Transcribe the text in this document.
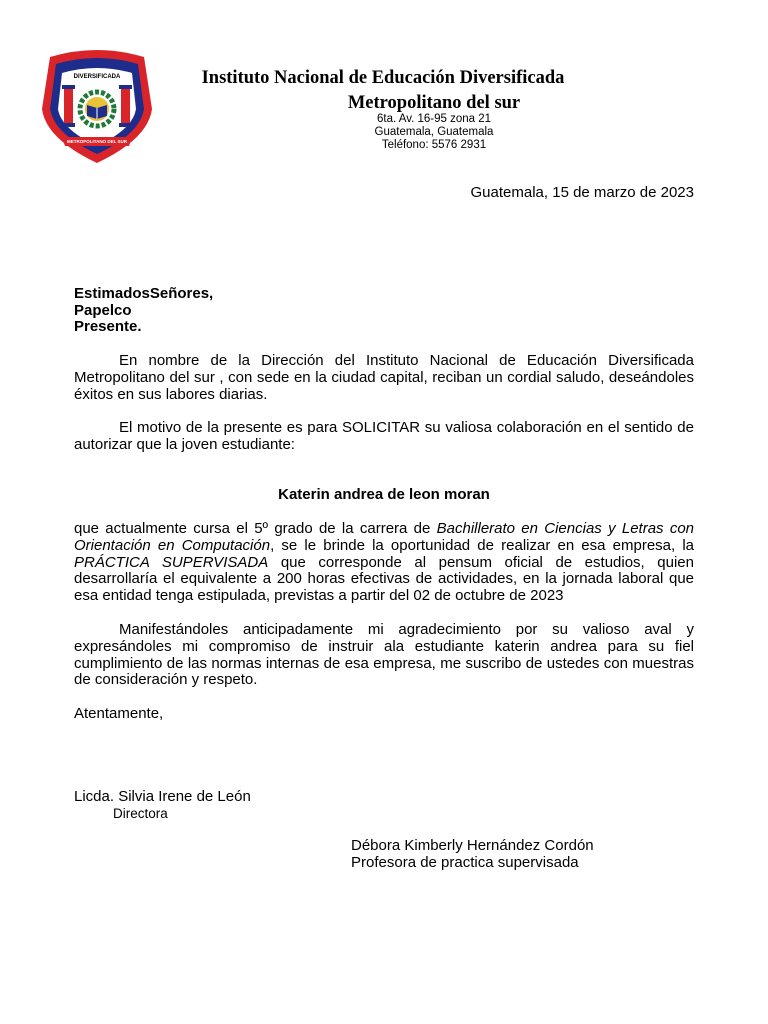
DIVERSIFICADA
METROPOLITANO DEL SUR
Instituto Nacional de Educación Diversificada
Metropolitano del sur
6ta. Av. 16-95 zona 21
Guatemala, Guatemala
Teléfono: 5576 2931
Guatemala, 15 de marzo de 2023
EstimadosSeñores,
Papelco
Presente.

En nombre de la Dirección del Instituto Nacional de Educación Diversificada Metropolitano del sur , con sede en la ciudad capital, reciban un cordial saludo, deseándoles éxitos en sus labores diarias.

El motivo de la presente es para SOLICITAR su valiosa colaboración en el sentido de autorizar que la joven estudiante:

Katerin andrea de leon moran

que actualmente cursa el 5º grado de la carrera de Bachillerato en Ciencias y Letras con Orientación en Computación, se le brinde la oportunidad de realizar en esa empresa, la PRÁCTICA SUPERVISADA que corresponde al pensum oficial de estudios, quien desarrollaría el equivalente a 200 horas efectivas de actividades, en la jornada laboral que esa entidad tenga estipulada, previstas a partir del 02 de octubre de 2023

Manifestándoles anticipadamente mi agradecimiento por su valioso aval y expresándoles mi compromiso de instruir ala estudiante katerin andrea para su fiel cumplimiento de las normas internas de esa empresa, me suscribo de ustedes con muestras de consideración y respeto.

Atentamente,
Licda. Silvia Irene de León
Directora
Débora Kimberly Hernández Cordón
Profesora de practica supervisada
